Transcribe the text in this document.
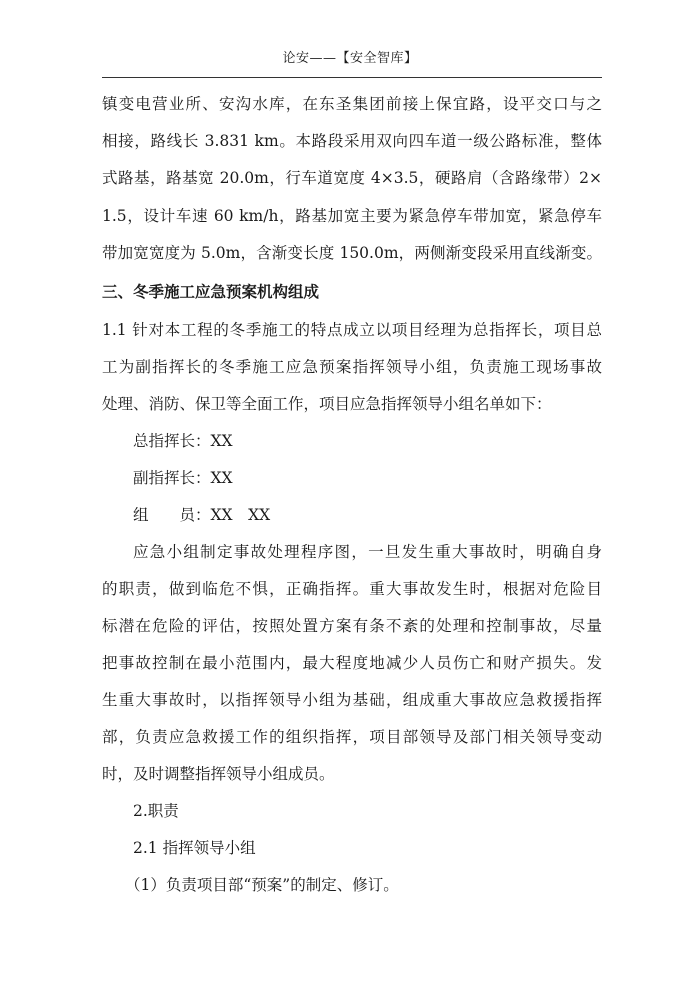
论安——【安全智库】
镇变电营业所、安沟水库，在东圣集团前接上保宜路，设平交口与之
相接，路线长 3.831 km。本路段采用双向四车道一级公路标准，整体
式路基，路基宽 20.0m，行车道宽度 4×3.5，硬路肩（含路缘带）2×
1.5，设计车速 60 km/h，路基加宽主要为紧急停车带加宽，紧急停车
带加宽宽度为 5.0m，含渐变长度 150.0m，两侧渐变段采用直线渐变。
三、冬季施工应急预案机构组成
1.1 针对本工程的冬季施工的特点成立以项目经理为总指挥长，项目总
工为副指挥长的冬季施工应急预案指挥领导小组，负责施工现场事故
处理、消防、保卫等全面工作，项目应急指挥领导小组名单如下：
总指挥长：XX
副指挥长：XX
组　　员：XX　XX
应急小组制定事故处理程序图，一旦发生重大事故时，明确自身
的职责，做到临危不惧，正确指挥。重大事故发生时，根据对危险目
标潜在危险的评估，按照处置方案有条不紊的处理和控制事故，尽量
把事故控制在最小范围内，最大程度地减少人员伤亡和财产损失。发
生重大事故时，以指挥领导小组为基础，组成重大事故应急救援指挥
部，负责应急救援工作的组织指挥，项目部领导及部门相关领导变动
时，及时调整指挥领导小组成员。
2.职责
2.1 指挥领导小组
（1）负责项目部“预案”的制定、修订。
